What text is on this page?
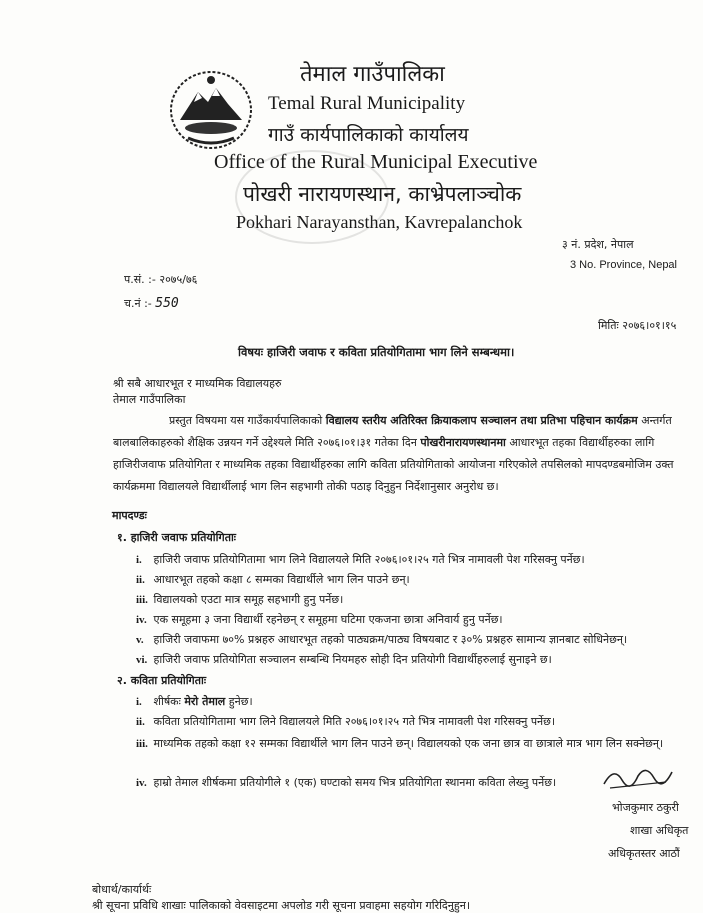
तेमाल गाउँपालिका
Temal Rural Municipality
गाउँ कार्यपालिकाको कार्यालय
Office of the Rural Municipal Executive
पोखरी नारायणस्थान, काभ्रेपलाञ्चोक
Pokhari Narayansthan, Kavrepalanchok
३ नं. प्रदेश, नेपाल
3 No. Province, Nepal
प.सं. :- २०७५/७६
च.नं :- 550
मितिः २०७६।०१।१५
विषयः हाजिरी जवाफ र कविता प्रतियोगितामा भाग लिने सम्बन्धमा।
श्री सबै आधारभूत र माध्यमिक विद्यालयहरु
तेमाल गाउँपालिका
प्रस्तुत विषयमा यस गाउँकार्यपालिकाको विद्यालय स्तरीय अतिरिक्त क्रियाकलाप सञ्चालन तथा प्रतिभा पहिचान कार्यक्रम अन्तर्गत बालबालिकाहरुको शैक्षिक उन्नयन गर्ने उद्देश्यले मिति २०७६।०१।३१ गतेका दिन पोखरीनारायणस्थानमा आधारभूत तहका विद्यार्थीहरुका लागि हाजिरीजवाफ प्रतियोगिता र माध्यमिक तहका विद्यार्थीहरुका लागि कविता प्रतियोगिताको आयोजना गरिएकोले तपसिलको मापदण्डबमोजिम उक्त कार्यक्रममा विद्यालयले विद्यार्थीलाई भाग लिन सहभागी तोकी पठाइ दिनुहुन निर्देशानुसार अनुरोध छ।
मापदण्डः
१. हाजिरी जवाफ प्रतियोगिताः
i. हाजिरी जवाफ प्रतियोगितामा भाग लिने विद्यालयले मिति २०७६।०१।२५ गते भित्र नामावली पेश गरिसक्नु पर्नेछ।
ii. आधारभूत तहको कक्षा ८ सम्मका विद्यार्थीले भाग लिन पाउने छन्।
iii. विद्यालयको एउटा मात्र समूह सहभागी हुनु पर्नेछ।
iv. एक समूहमा ३ जना विद्यार्थी रहनेछन् र समूहमा घटिमा एकजना छात्रा अनिवार्य हुनु पर्नेछ।
v. हाजिरी जवाफमा ७०% प्रश्नहरु आधारभूत तहको पाठ्यक्रम/पाठ्य विषयबाट र ३०% प्रश्नहरु सामान्य ज्ञानबाट सोधिनेछन्।
vi. हाजिरी जवाफ प्रतियोगिता सञ्चालन सम्बन्धि नियमहरु सोही दिन प्रतियोगी विद्यार्थीहरुलाई सुनाइने छ।
२. कविता प्रतियोगिताः
i. शीर्षकः मेरो तेमाल हुनेछ।
ii. कविता प्रतियोगितामा भाग लिने विद्यालयले मिति २०७६।०१।२५ गते भित्र नामावली पेश गरिसक्नु पर्नेछ।
iii. माध्यमिक तहको कक्षा १२ सम्मका विद्यार्थीले भाग लिन पाउने छन्। विद्यालयको एक जना छात्र वा छात्राले मात्र भाग लिन सक्नेछन्।
iv. हाम्रो तेमाल शीर्षकमा प्रतियोगीले १ (एक) घण्टाको समय भित्र प्रतियोगिता स्थानमा कविता लेख्नु पर्नेछ।
भोजकुमार ठकुरी
शाखा अधिकृत
अधिकृतस्तर आठौं
बोधार्थ/कार्यार्थः
श्री सूचना प्रविधि शाखाः पालिकाको वेवसाइटमा अपलोड गरी सूचना प्रवाहमा सहयोग गरिदिनुहुन।
